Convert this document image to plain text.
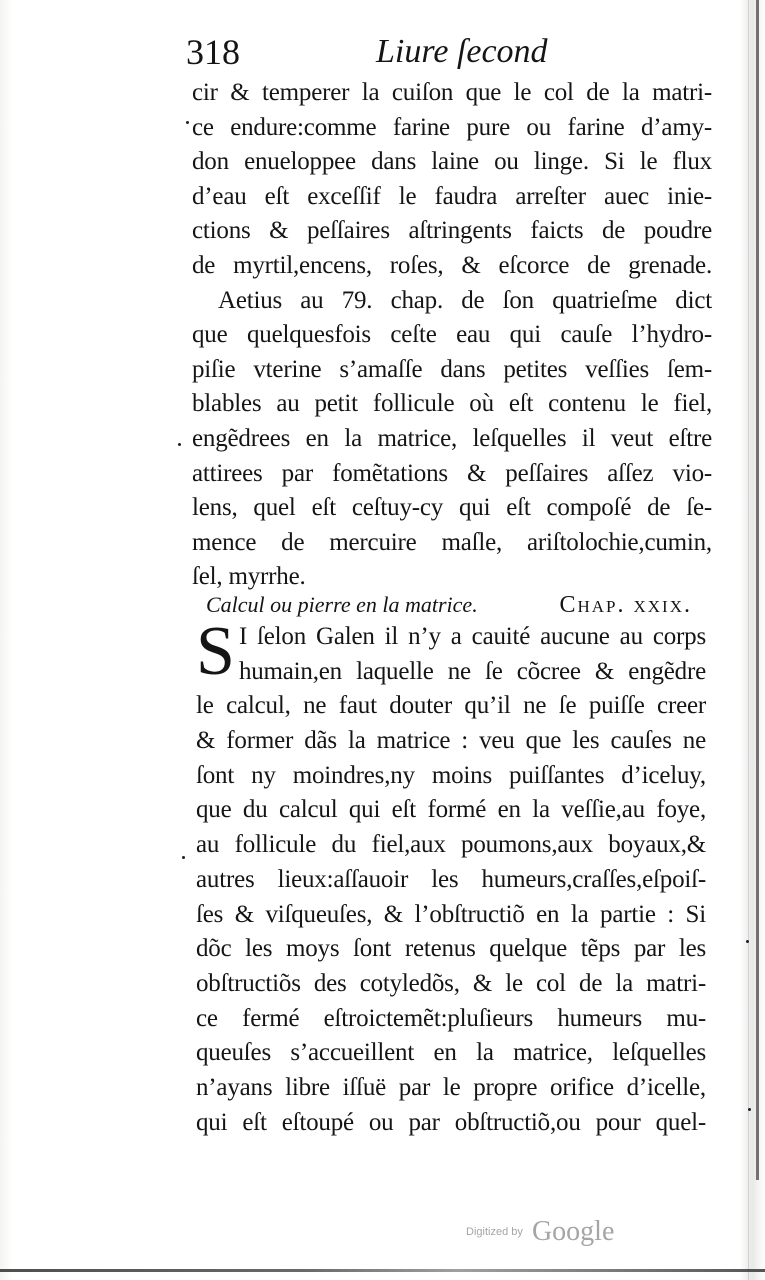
318	Liure ſecond
cir & temperer la cuiſon que le col de la matri-
ce endure:comme farine pure ou farine d’amy-
don enueloppee dans laine ou linge. Si le flux
d’eau eſt exceſſif le faudra arreſter auec inie-
ctions & peſſaires aſtringents faicts de poudre
de myrtil,encens, roſes, & eſcorce de grenade.
Aetius au 79. chap. de ſon quatrieſme dict
que quelquesfois ceſte eau qui cauſe l’hydro-
piſie vterine s’amaſſe dans petites veſſies ſem-
blables au petit follicule où eſt contenu le fiel,
engẽdrees en la matrice, leſquelles il veut eſtre
attirees par fomẽtations & peſſaires aſſez vio-
lens, quel eſt ceſtuy-cy qui eſt compoſé de ſe-
mence de mercuire maſle, ariſtolochie,cumin,
ſel, myrrhe.
Calcul ou pierre en la matrice.	Chap. xxix.
S I ſelon Galen il n’y a cauité aucune au corps
humain,en laquelle ne ſe cõcree & engẽdre
le calcul, ne faut douter qu’il ne ſe puiſſe creer
& former dãs la matrice : veu que les cauſes ne
ſont ny moindres,ny moins puiſſantes d’iceluy,
que du calcul qui eſt formé en la veſſie,au foye,
au follicule du fiel,aux poumons,aux boyaux,&
autres lieux:aſſauoir les humeurs,craſſes,eſpoiſ-
ſes & viſqueuſes, & l’obſtructiõ en la partie : Si
dõc les moys ſont retenus quelque tẽps par les
obſtructiõs des cotyledõs, & le col de la matri-
ce fermé eſtroictemẽt:pluſieurs humeurs mu-
queuſes s’accueillent en la matrice, leſquelles
n’ayans libre iſſuë par le propre orifice d’icelle,
qui eſt eſtoupé ou par obſtructiõ,ou pour quel-
Digitized by Google
